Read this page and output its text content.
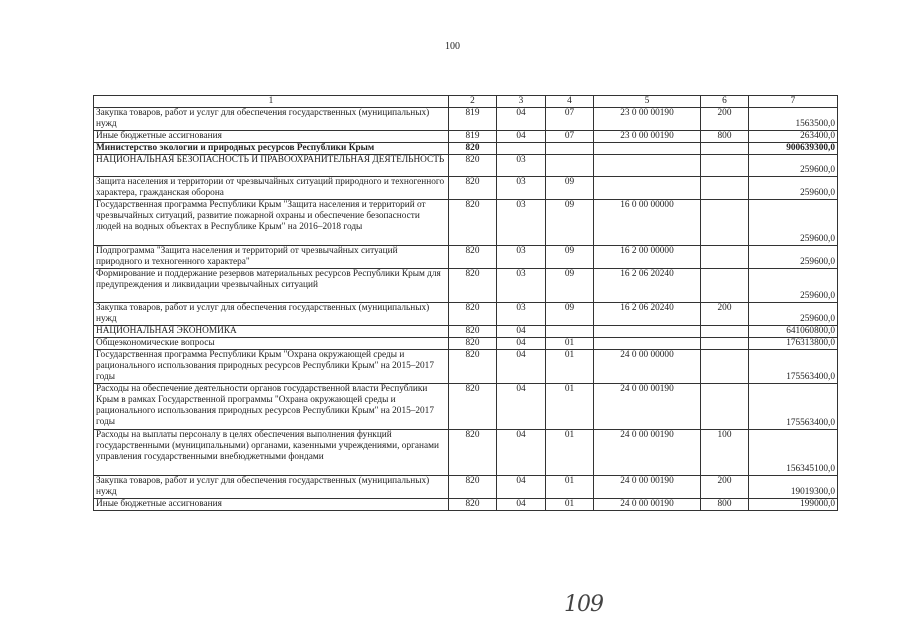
100
1	2	3	4	5	6	7
Закупка товаров, работ и услуг для обеспечения государственных (муниципальных) нужд	819	04	07	23 0 00 00190	200	1563500,0
Иные бюджетные ассигнования	819	04	07	23 0 00 00190	800	263400,0
Министерство экологии и природных ресурсов Республики Крым	820					900639300,0
НАЦИОНАЛЬНАЯ БЕЗОПАСНОСТЬ И ПРАВООХРАНИТЕЛЬНАЯ ДЕЯТЕЛЬНОСТЬ	820	03				259600,0
Защита населения и территории от чрезвычайных ситуаций природного и техногенного характера, гражданская оборона	820	03	09			259600,0
Государственная программа Республики Крым "Защита населения и территорий от чрезвычайных ситуаций, развитие пожарной охраны и обеспечение безопасности людей на водных объектах в Республике Крым" на 2016–2018 годы	820	03	09	16 0 00 00000		259600,0
Подпрограмма "Защита населения и территорий от чрезвычайных ситуаций природного и техногенного характера"	820	03	09	16 2 00 00000		259600,0
Формирование и поддержание резервов материальных ресурсов Республики Крым для предупреждения и ликвидации чрезвычайных ситуаций	820	03	09	16 2 06 20240		259600,0
Закупка товаров, работ и услуг для обеспечения государственных (муниципальных) нужд	820	03	09	16 2 06 20240	200	259600,0
НАЦИОНАЛЬНАЯ ЭКОНОМИКА	820	04				641060800,0
Общеэкономические вопросы	820	04	01			176313800,0
Государственная программа Республики Крым "Охрана окружающей среды и рационального использования природных ресурсов Республики Крым" на 2015–2017 годы	820	04	01	24 0 00 00000		175563400,0
Расходы на обеспечение деятельности органов государственной власти Республики Крым в рамках Государственной программы "Охрана окружающей среды и рационального использования природных ресурсов Республики Крым" на 2015–2017 годы	820	04	01	24 0 00 00190		175563400,0
Расходы на выплаты персоналу в целях обеспечения выполнения функций государственными (муниципальными) органами, казенными учреждениями, органами управления государственными внебюджетными фондами	820	04	01	24 0 00 00190	100	156345100,0
Закупка товаров, работ и услуг для обеспечения государственных (муниципальных) нужд	820	04	01	24 0 00 00190	200	19019300,0
Иные бюджетные ассигнования	820	04	01	24 0 00 00190	800	199000,0
109
